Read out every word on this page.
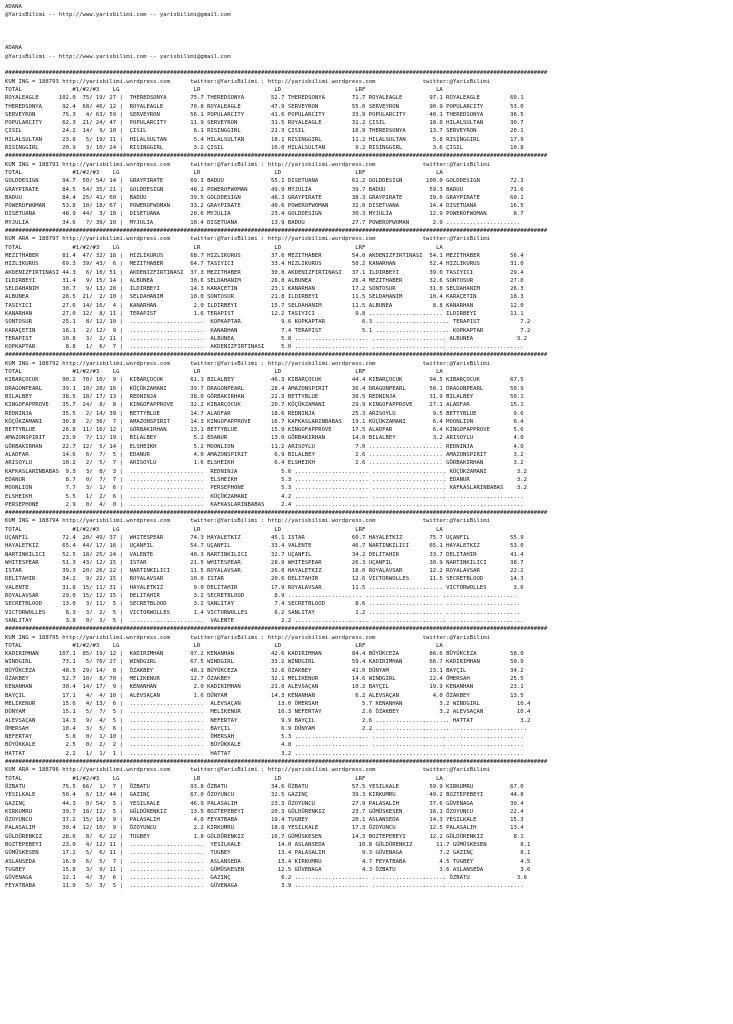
ADANA
@YarisBilimi -- http://www.yarisbilimi.com -- yarisbilimi@gmail.com
ADANA
@YarisBilimi -- http://www.yarisbilimi.com -- yarisbilimi@gmail.com
#################################################################################################################################################################
KUM ING = 188793 http://yarisbilimi.wordpress.com      twitter:@YarisBilimi : http://yarisbilimi.wordpress.com              twitter:@YarisBilimi
TOTAL               #1/#2/#3    LG                      LR                      LD                      LRF                     LA
ROYALEAGLE      102.0  75/ 19/ 27 |  THEREDSONYA       75.7 THEREDSONYA        52.7 THEREDSONYA        71.7 ROYALEAGLE        97.1 ROYALEAGLE         60.1
THEREDSONYA      92.4  68/ 46/ 12 |  ROYALEAGLE        70.8 ROYALEAGLE         47.9 SERVEYRON          55.0 SERVEYRON         90.9 POPULARCITY        53.0
SERVEYRON        75.3   4/ 63/ 59 |  SERVEYRON         56.1 POPULARCITY        41.6 POPULARCITY        33.9 POPULARCITY       40.1 THEREDSONYA        36.5
POPULARCITY      62.3  21/ 24/ 47 |  POPULARCITY       11.9 SERVEYRON          31.5 ROYALEAGLE         31.2 ÇISIL             18.0 HILALSULTAN        30.7
ÇISIL            24.2  14/  9/ 10 |  ÇISIL              6.1 RISINGGIRL         21.3 ÇISIL              16.9 THEREDSONYA       13.7 SERVEYRON          20.1
HILALSULTAN      23.8   5/ 19/ 11 |  HILALSULTAN        5.4 HILALSULTAN        18.1 RISINGGIRL         11.2 HILALSULTAN        5.8 RISINGGIRL         17.9
RISINGGIRL       20.9   3/ 10/ 24 |  RISINGGIRL         3.2 ÇISIL              16.0 HILALSULTAN         9.2 RISINGGIRL         3.6 ÇISIL              10.8
#################################################################################################################################################################
KUM ING = 188791 http://yarisbilimi.wordpress.com      twitter:@YarisBilimi : http://yarisbilimi.wordpress.com              twitter:@YarisBilimi
TOTAL               #1/#2/#3    LG                      LR                      LD                      LRF                     LA
GOLDDESIGN       94.7  50/ 54/ 14 |  GRAYPIRATE        69.3 BADUU              55.1 DISETUANA          61.2 GOLDDESIGN       100.0 GOLDDESIGN         72.3
GRAYPIRATE       84.5  54/ 35/ 21 |  GOLDDESIGN        48.2 POWEROFWOMAN       49.9 MYJULIA            39.7 BADUU             59.3 BADUU              71.6
BADUU            84.4  25/ 41/ 60 |  BADUU             39.5 GOLDDESIGN         46.3 GRAYPIRATE         38.3 GRAYPIRATE        39.6 GRAYPIRATE         60.1
POWEROFWOMAN     53.8  10/ 18/ 67 |  POWEROFWOMAN      33.2 GRAYPIRATE         40.6 POWEROFWOMAN       32.0 DISETUANA         14.4 DISETUANA          16.5
DISETUANA        48.9  44/  3/ 18 |  DISETUANA         28.6 MYJULIA            23.4 GOLDDESIGN         30.3 MYJULIA           12.9 POWEROFWOMAN        8.7
MYJULIA          34.6   7/ 39/ 10 |  MYJULIA           10.4 DISETUANA          13.9 BADUU              27.7 POWEROFWOMAN       2.9 ......................
#################################################################################################################################################################
KUM ARA = 188797 http://yarisbilimi.wordpress.com      twitter:@YarisBilimi : http://yarisbilimi.wordpress.com              twitter:@YarisBilimi
TOTAL               #1/#2/#3    LG                      LR                      LD                      LRF                     LA
MEZITHABER       81.4  47/ 32/ 18 |  HIZLIKURUS        68.7 HIZLIKURUS         37.6 MEZITHABER         54.0 AKDENIZFIRTINASI  54.1 MEZITHABER         56.4
HIZLIKURUS       69.3  39/ 43/  6 |  MEZITHABER        64.7 TASIYICI           33.4 HIZLIKURUS         50.2 KANARHAN          52.4 HIZLIKURUS         31.0
AKDENIZFIRTINASI 44.3   6/ 10/ 51 |  AKDENIZFIRTINASI  37.3 MEZITHABER         30.8 AKDENIZFIRTINASI   37.1 ILDIRBEYI         39.0 TASIYICI           29.4
ILDIRBEYI        31.4   9/ 15/ 14 |  ALBUNEA           30.6 SELDAHANIM         26.8 ALBUNEA            26.4 MEZITHABER        32.6 SONTOSUR           27.0
SELDAHANIM       30.7   9/ 13/ 20 |  ILDIRBEYI         14.3 KARAÇETIN          23.1 KANARHAN           17.2 SONTOSUR          31.8 SELDAHANIM         26.3
ALBUNEA          28.5  21/  2/ 10 |  SELDAHANIM        10.0 SONTOSUR           21.8 ILDIRBEYI          11.5 SELDAHANIM        10.4 KARAÇETIN          18.3
TASIYICI         27.6  14/ 16/  4 |  KANARHAN           2.0 ILDIRBEYI          15.7 SELDAHANIM         11.5 ALBUNEA            8.8 KANARHAN           12.0
KANARHAN         27.0  12/  8/ 11 |  TERAPIST           1.6 TERAPIST           12.2 TASIYICI            9.8 ...................... ILDIRBEYI          11.1
SONTOSUR         25.1   8/ 12/ 10 |  ......................  KOPKAPTAR            9.6 KOPKAPTAR           6.3 ...................... TERAPIST            7.2
KARAÇETIN        16.1   2/ 12/  9 |  ......................  KANARHAN             7.4 TERAPIST            5.1 ...................... KOPKAPTAR           7.2
TERAPIST         10.8   3/  2/ 11 |  ......................  ALBUNEA              5.8 ...................... ...................... ALBUNEA             3.2
KOPKAPTAR         8.8   1/  6/  7 |  ......................  AKDENIZFIRTINASI     5.0 ...................... ...................... ......................
#################################################################################################################################################################
KUM ING = 188792 http://yarisbilimi.wordpress.com      twitter:@YarisBilimi : http://yarisbilimi.wordpress.com              twitter:@YarisBilimi
TOTAL               #1/#2/#3    LG                      LR                      LD                      LRF                     LA
KIBARÇOCUK       90.2  70/ 10/  9 |  KIBARÇOCUK        61.1 BILALBEY           46.3 KIBARÇOCUK         44.4 KIBARÇOCUK        94.5 KIBARÇOCUK         67.5
DRAGONPEARL      39.1  10/ 20/ 16 |  KÜÇÜKZAMANI       39.7 DRAGONPEARL        28.4 AMAZONSPIRIT       36.4 DRAGONPEARL       50.1 DRAGONPEARL        50.9
BILALBEY         38.5  18/ 17/ 13 |  REDNINJA          38.0 GÖRBAKIRHAN        22.3 BETTYBLUE          30.5 REDNINJA          31.9 BILALBEY           50.1
KINGOFAPPROVE    35.7  24/  8/  8 |  KINGOFAPPROVE     32.2 KIBARÇOCUK         20.7 KÜÇÜKZAMANI        29.9 KINGOFAPPROVE     27.1 ALADFAR            15.1
REDNINJA         35.5   2/ 14/ 39 |  BETTYBLUE         14.7 ALADFAR            18.6 REDNINJA           25.3 ARISOYLU           9.5 BETTYBLUE           9.6
KÜÇÜKZAMANI      30.8   2/ 36/  7 |  AMAZONSPIRIT      14.3 KINGOFAPPROVE      16.7 KAFKASLARINBABAS   19.1 KÜÇÜKZAMANI        6.4 MOONLION            6.4
BETTYBLUE        26.8  11/ 16/ 12 |  GÖRBAKIRHAN       13.1 BETTYBLUE          15.9 KINGOFAPPROVE      17.5 ALADFAR            6.4 KINGOFAPPROVE       5.6
AMAZONSPIRIT     23.0   7/ 11/ 19 |  BILALBEY           5.2 EDANUR             13.0 GÖRBAKIRHAN        14.0 BILALBEY           3.2 ARISOYLU            4.0
GÖRBAKIRHAN      22.7  12/  5/ 14 |  ELSHEIKH           5.2 MOONLION           11.2 ARISOYLU            7.0 ...................... REDNINJA            4.0
ALADFAR          14.6   6/  7/  5 |  EDANUR             4.0 AMAZONSPIRIT        6.9 BILALBEY            2.6 ...................... AMAZONSPIRIT        3.2
ARISOYLU         10.2   2/  5/  7 |  ARISOYLU           1.6 ELSHEIKH            6.4 ELSHEIKH            2.6 ...................... GÖRBAKIRHAN         3.2
KAFKASLARINBABAS  9.3   3/  8/  3 |  ......................  REDNINJA             5.6 ...................... ...................... KÜÇÜKZAMANI         3.2
EDANUR            8.7   0/  7/  7 |  ......................  ELSHEIKH             5.3 ...................... ...................... EDANUR              3.2
MOONLION          7.7   3/  1/  6 |  ......................  PERSEPHONE           5.3 ...................... ...................... KAFKASLARINBABAS    3.2
ELSHEIKH          5.5   1/  2/  6 |  ......................  KÜÇÜKZAMANI          4.2 ...................... ...................... ......................
PERSEPHONE        2.9   0/  4/  0 |  ......................  KAFKASLARINBABAS     2.4 ...................... ...................... ......................
#################################################################################################################################################################
KUM ING = 188794 http://yarisbilimi.wordpress.com      twitter:@YarisBilimi : http://yarisbilimi.wordpress.com              twitter:@YarisBilimi
TOTAL               #1/#2/#3    LG                      LR                      LD                      LRF                     LA
UÇANFIL          72.4  20/ 49/ 37 |  WHITESPEAR        74.3 HAYALETKIZ         45.1 ISTAR              60.7 HAYALETKIZ        75.7 UÇANFIL            55.9
HAYALETKIZ       65.4  44/ 17/ 16 |  UÇANFIL           54.7 UÇANFIL            33.4 VALENTE            46.7 NARTINKILICI      65.1 HAYALETKIZ         53.0
NARTINKILICI     52.5  18/ 25/ 24 |  VALENTE           40.3 NARTINKILICI       32.7 UÇANFIL            34.2 DELITAHIR         33.7 DELITAHIR          41.4
WHITESPEAR       51.3  43/ 12/ 15 |  ISTAR             21.5 WHITESPEAR         28.9 WHITESPEAR         26.3 UÇANFIL           30.9 NARTINKILICI       38.7
ISTAR            39.3  20/ 26/ 22 |  NARTINKILICI      11.5 ROYALAVSAR         26.0 HAYALETKIZ         18.0 ROYALAVSAR        12.2 ROYALAVSAR         22.2
DELITAHIR        34.2   9/ 22/ 15 |  ROYALAVSAR        10.0 ISTAR              20.6 DELITAHIR          12.6 VICTORWOLLES      11.5 SECRETBLOOD        14.3
VALENTE          31.8  15/ 11/ 31 |  HAYALETKIZ         9.0 DELITAHIR          17.9 ROYALAVSAR         11.5 ...................... VICTORWOLLES        3.6
ROYALAVSAR       29.0  15/ 12/ 15 |  DELITAHIR          3.2 SECRETBLOOD         8.9 ...................... ...................... ......................
SECRETBLOOD      13.0   3/ 11/  5 |  SECRETBLOOD        3.2 SANLITAY            7.4 SECRETBLOOD         8.6 ...................... ......................
VICTORWOLLES      8.3   3/  2/  5 |  VICTORWOLLES       1.4 VICTORWOLLES        6.2 SANLITAY            1.2 ...................... ......................
SANLITAY          3.8   0/  3/  5 |  ......................  VALENTE              2.2 ...................... ...................... ......................
#################################################################################################################################################################
KUM ING = 188795 http://yarisbilimi.wordpress.com      twitter:@YarisBilimi : http://yarisbilimi.wordpress.com              twitter:@YarisBilimi
TOTAL               #1/#2/#3    LG                      LR                      LD                      LRF                     LA
KADIRIMHAN      107.1  85/ 19/ 12 |  KADIRIMHAN        97.2 KENANHAN           42.6 KADIRIMHAN         84.4 BÜYÜKCEZA         86.6 BÜYÜKCEZA          58.0
WINDGIRL         73.1   5/ 76/ 27 |  WINDGIRL          67.5 WINDGIRL           33.2 WINDGIRL           59.4 KADIRIMHAN        66.7 KADIRIMHAN         50.9
BÜYÜKCEZA        48.5  29/ 14/  8 |  ÖZAKBEY           48.1 BÜYÜKCEZA          32.6 ÖZAKBEY            41.0 DÜNYAM            23.1 BAYÇIL             34.2
ÖZAKBEY          52.7  10/  8/ 70 |  MELIKENUR         12.7 ÖZAKBEY            32.1 MELIKENUR          14.6 WINDGIRL          22.4 ÖMERSAH            25.5
KENANHAN         30.4  14/ 17/  9 |  KENANHAN           2.0 KADIRIMHAN         21.0 ALEVSAÇAN          10.2 BAYÇIL            19.9 KENANHAN           23.1
BAYÇIL           17.1   4/  4/ 10 |  ALEVSAÇAN          1.6 DÜNYAM             14.3 KENANHAN            6.2 ALEVSAÇAN          4.0 ÖZAKBEY            13.5
MELIKENUR        15.6   4/ 13/  6 |  ......................  ALEVSAÇAN           13.0 ÖMERSAH             5.7 KENANHAN           3.2 WINDGIRL           10.4
DÜNYAM           15.1   5/  7/  5 |  ......................  MELIKENUR           10.3 NEFERTAY            2.6 ÖZAKBEY            3.2 ALEVSAÇAN          10.4
ALEVSAÇAN        14.3   9/  4/  5 |  ......................  NEFERTAY             9.9 BAYÇIL              2.6 ...................... HATTAT              3.2
ÖMERSAH          10.4   3/  5/  6 |  ......................  BAYÇIL               6.9 DÜNYAM              2.2 ...................... ......................
NEFERTAY          5.8   0/  1/ 10 |  ......................  ÖMERSAH              5.3 ...................... ...................... ......................
BÜYÜKKALE         2.5   0/  2/  2 |  ......................  BÜYÜKKALE            4.8 ...................... ...................... ......................
HATTAT            2.2   1/  1/  1 |  ......................  HATTAT               3.2 ...................... ...................... ......................
#################################################################################################################################################################
KUM ARA = 188796 http://yarisbilimi.wordpress.com      twitter:@YarisBilimi : http://yarisbilimi.wordpress.com              twitter:@YarisBilimi
TOTAL               #1/#2/#3    LG                      LR                      LD                      LRF                     LA
ÖZBATU           75.5  66/  1/  7 |  ÖZBATU            93.8 ÖZBATU             34.6 ÖZBATU             57.5 YESILKALE         59.9 KIRKUMRU           67.0
YESILKALE        50.4   6/ 13/ 44 |  GAZINÇ            67.0 ÖZOYUNCU           32.5 GAZINÇ             39.3 KIRKUMRU          49.2 BOZTEPEBEYI        44.8
GAZINÇ           44.3   0/ 54/  5 |  YESILKALE         46.9 PALASALIH          23.3 ÖZOYUNCU           27.9 PALASALIH         37.6 GÜVENAGA           30.4
KIRKUMRU         39.7  18/ 12/  5 |  GÜLDÜRENKIZ       13.5 BOZTEPEBEYI        20.3 GÜLDÜRENKIZ        23.7 GÜMÜSKESEN        16.1 ÖZOYUNCU           22.4
ÖZOYUNCU         37.2  15/ 18/  9 |  PALASALIH          4.0 FEYATBABA          19.4 TUGBEY             20.1 ASLANSEDA         14.3 YESILKALE          15.3
PALASALIH        30.4  12/ 10/  9 |  ÖZOYUNCU           2.2 KIRKUMRU           18.8 YESILKALE          17.3 ÖZOYUNCU          12.5 PALASALIH          13.4
GÜLDÜRENKIZ      28.6   8/  6/ 22 |  TUGBEY             1.8 GÜLDÜRENKIZ        16.7 GÜMÜSKESEN         14.3 BOZTEPEBEYI       12.2 GÜLDÜRENKIZ         8.1
BOZTEPEBEYI      23.0   4/ 12/ 11 |  ......................  YESILKALE           14.0 ASLANSEDA          10.8 GÜLDÜRENKIZ       11.7 GÜMÜSKESEN          8.1
GÜMÜSKESEN       17.2   5/  6/ 11 |  ......................  TUGBEY              13.4 PALASALIH           9.3 GÜVENAGA           7.2 GAZINÇ              8.1
ASLANSEDA        16.0   6/  5/  7 |  ......................  ASLANSEDA           13.4 KIRKUMRU            4.7 FEYATBABA          4.5 TUGBEY              4.5
TUGBEY           15.8   3/  9/ 11 |  ......................  GÜMÜSKESEN          12.5 GÜVENAGA            4.3 ÖZBATU             3.6 ASLANSEDA           3.6
GÜVENAGA         12.1   4/  3/  6 |  ......................  GAZINÇ               6.2 ...................... ...................... ÖZBATU              3.6
FEYATBABA        11.0   5/  3/  5 |  ......................  GÜVENAGA             3.9 ...................... ...................... ......................
